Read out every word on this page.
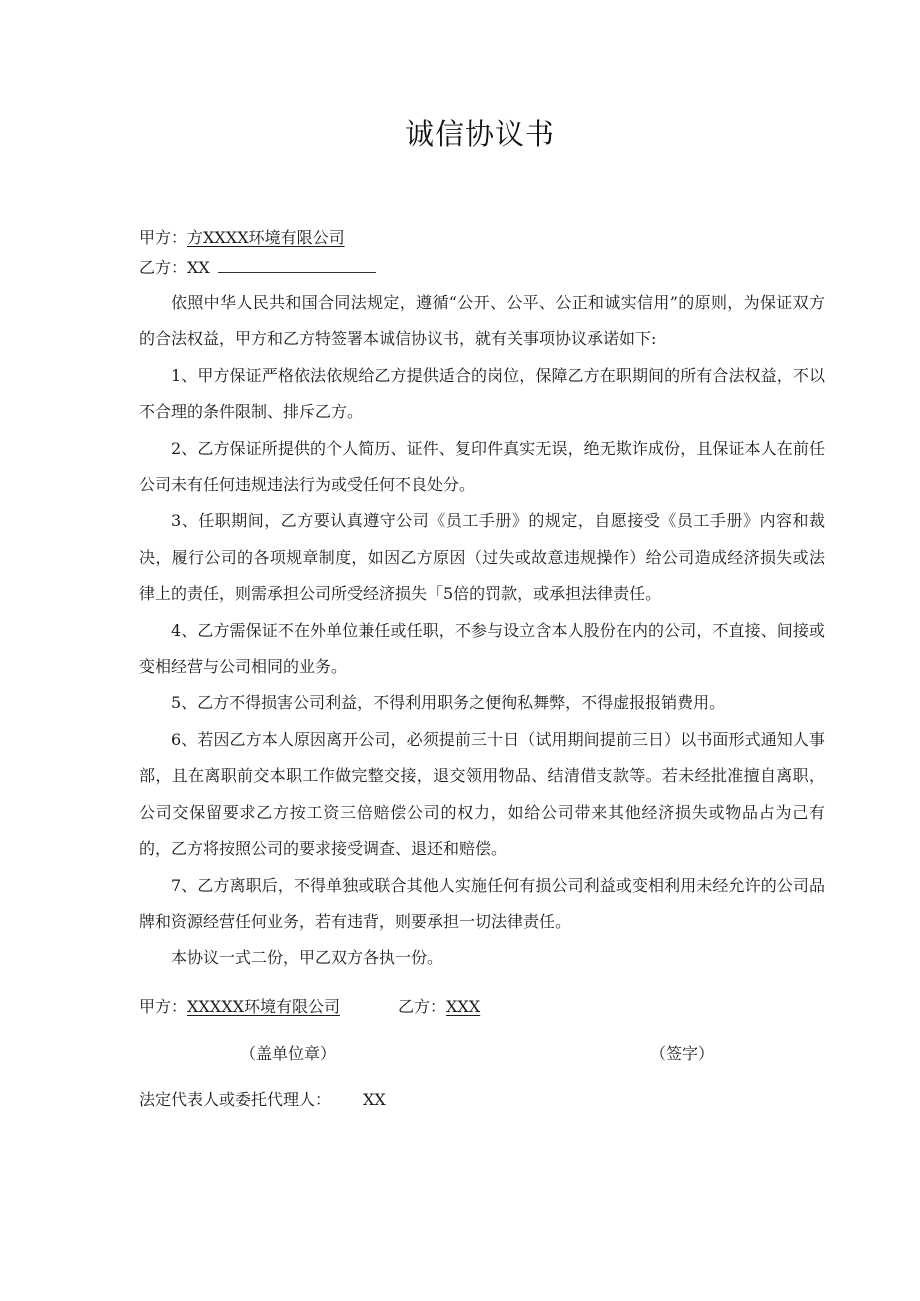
诚信协议书
甲方：方XXXX环境有限公司
乙方：XX

依照中华人民共和国合同法规定，遵循“公开、公平、公正和诚实信用”的原则，为保证双方的合法权益，甲方和乙方特签署本诚信协议书，就有关事项协议承诺如下:

1、甲方保证严格依法依规给乙方提供适合的岗位，保障乙方在职期间的所有合法权益，不以不合理的条件限制、排斥乙方。

2、乙方保证所提供的个人简历、证件、复印件真实无误，绝无欺诈成份，且保证本人在前任公司未有任何违规违法行为或受任何不良处分。

3、任职期间，乙方要认真遵守公司《员工手册》的规定，自愿接受《员工手册》内容和裁决，履行公司的各项规章制度，如因乙方原因（过失或故意违规操作）给公司造成经济损失或法律上的责任，则需承担公司所受经济损失「5倍的罚款，或承担法律责任。

4、乙方需保证不在外单位兼任或任职，不参与设立含本人股份在内的公司，不直接、间接或变相经营与公司相同的业务。

5、乙方不得损害公司利益，不得利用职务之便徇私舞弊，不得虚报报销费用。

6、若因乙方本人原因离开公司，必须提前三十日（试用期间提前三日）以书面形式通知人事部，且在离职前交本职工作做完整交接，退交领用物品、结清借支款等。若未经批准擅自离职，公司交保留要求乙方按工资三倍赔偿公司的权力，如给公司带来其他经济损失或物品占为己有的，乙方将按照公司的要求接受调查、退还和赔偿。

7、乙方离职后，不得单独或联合其他人实施任何有损公司利益或变相利用未经允许的公司品牌和资源经营任何业务，若有违背，则要承担一切法律责任。

本协议一式二份，甲乙双方各执一份。

甲方：XXXXX环境有限公司	乙方：XXX
（盖单位章）	（签字）
法定代表人或委托代理人： XX
